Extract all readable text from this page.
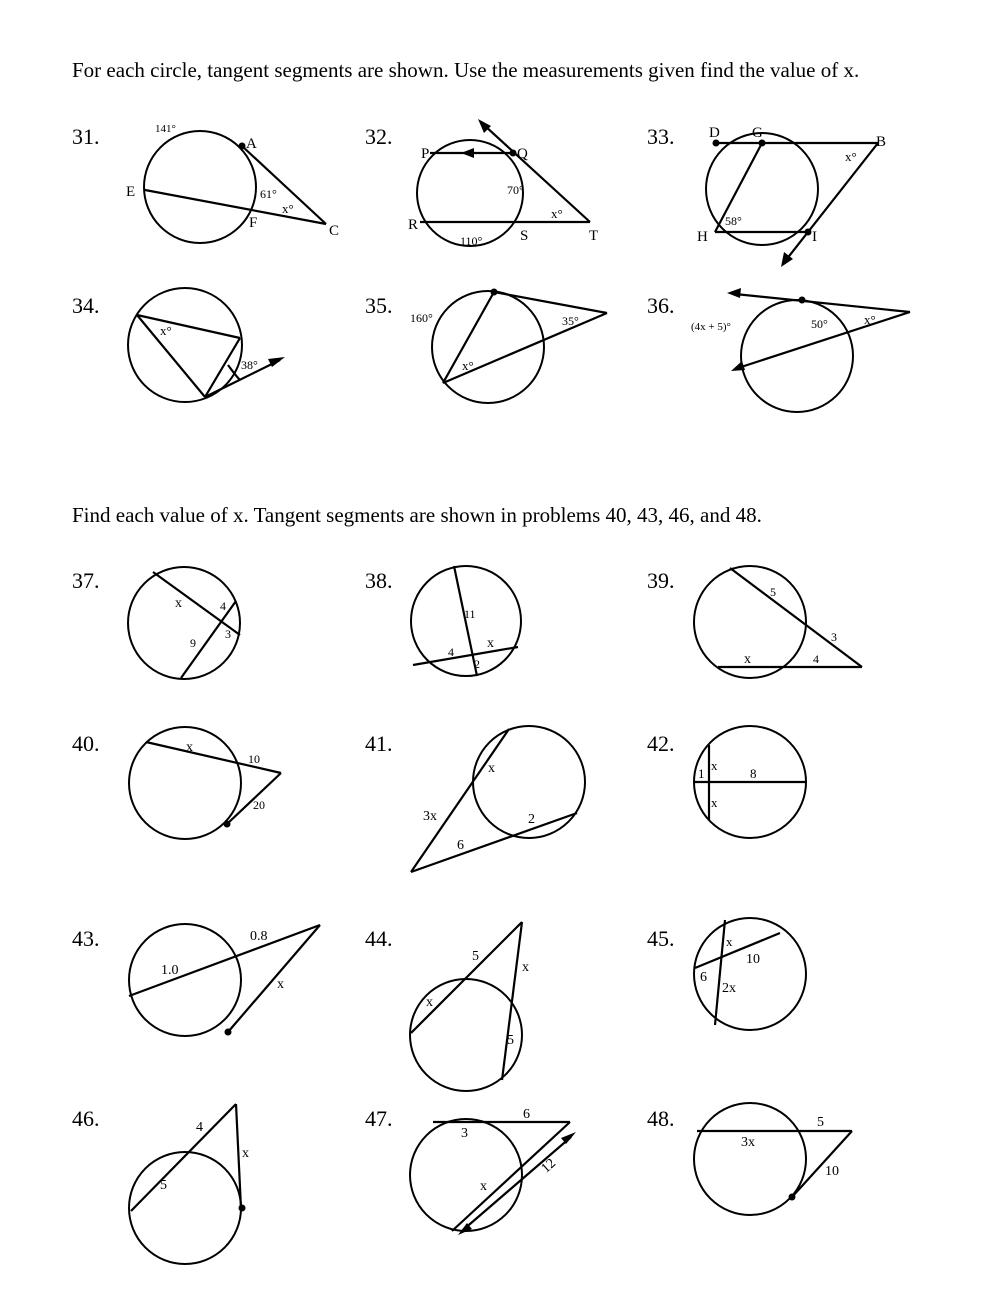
For each circle, tangent segments are shown. Use the measurements given find the value of x.
Find each value of x. Tangent segments are shown in problems 40, 43, 46, and 48.
31.	32.	33.
34.	35.	36.
37.	38.	39.
40.	41.	42.
43.	44.	45.
46.	47.	48.
141°
A
E	61°
x°
F	C
P	Q
70°
x°
R
S	T
110°
D G
B
x°
58°
H	I
x°
38°
160°	35°
x°
(4x + 5)°	50°	x°
x	4
3
9
11
4
x
2
5
3
x	4
x
10
20
x
3x	2
6
1
x
8
x
0.8
1.0
x
5
x
x
5
x
10
6
2x
4
x
5
6
3
x
12
5
3x
10
